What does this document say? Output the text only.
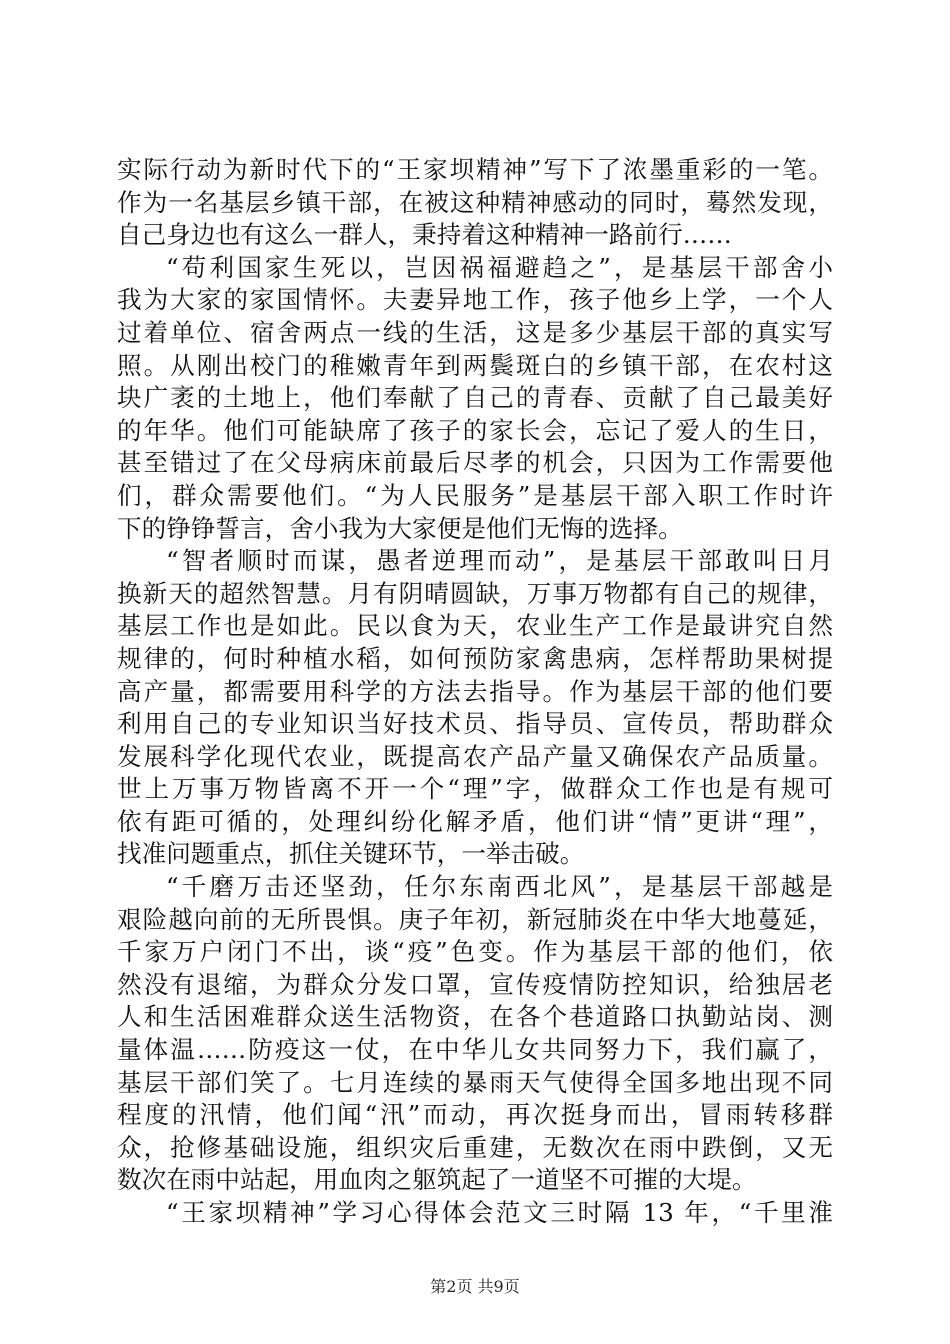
实际行动为新时代下的“王家坝精神”写下了浓墨重彩的一笔。
作为一名基层乡镇干部，在被这种精神感动的同时，蓦然发现，
自己身边也有这么一群人，秉持着这种精神一路前行……
“苟利国家生死以，岂因祸福避趋之”，是基层干部舍小
我为大家的家国情怀。夫妻异地工作，孩子他乡上学，一个人
过着单位、宿舍两点一线的生活，这是多少基层干部的真实写
照。从刚出校门的稚嫩青年到两鬓斑白的乡镇干部，在农村这
块广袤的土地上，他们奉献了自己的青春、贡献了自己最美好
的年华。他们可能缺席了孩子的家长会，忘记了爱人的生日，
甚至错过了在父母病床前最后尽孝的机会，只因为工作需要他
们，群众需要他们。“为人民服务”是基层干部入职工作时许
下的铮铮誓言，舍小我为大家便是他们无悔的选择。
“智者顺时而谋，愚者逆理而动”，是基层干部敢叫日月
换新天的超然智慧。月有阴晴圆缺，万事万物都有自己的规律，
基层工作也是如此。民以食为天，农业生产工作是最讲究自然
规律的，何时种植水稻，如何预防家禽患病，怎样帮助果树提
高产量，都需要用科学的方法去指导。作为基层干部的他们要
利用自己的专业知识当好技术员、指导员、宣传员，帮助群众
发展科学化现代农业，既提高农产品产量又确保农产品质量。
世上万事万物皆离不开一个“理”字，做群众工作也是有规可
依有距可循的，处理纠纷化解矛盾，他们讲“情”更讲“理”，
找准问题重点，抓住关键环节，一举击破。
“千磨万击还坚劲，任尔东南西北风”，是基层干部越是
艰险越向前的无所畏惧。庚子年初，新冠肺炎在中华大地蔓延，
千家万户闭门不出，谈“疫”色变。作为基层干部的他们，依
然没有退缩，为群众分发口罩，宣传疫情防控知识，给独居老
人和生活困难群众送生活物资，在各个巷道路口执勤站岗、测
量体温……防疫这一仗，在中华儿女共同努力下，我们赢了，
基层干部们笑了。七月连续的暴雨天气使得全国多地出现不同
程度的汛情，他们闻“汛”而动，再次挺身而出，冒雨转移群
众，抢修基础设施，组织灾后重建，无数次在雨中跌倒，又无
数次在雨中站起，用血肉之躯筑起了一道坚不可摧的大堤。
“王家坝精神”学习心得体会范文三时隔 13 年，“千里淮
第2页 共9页
